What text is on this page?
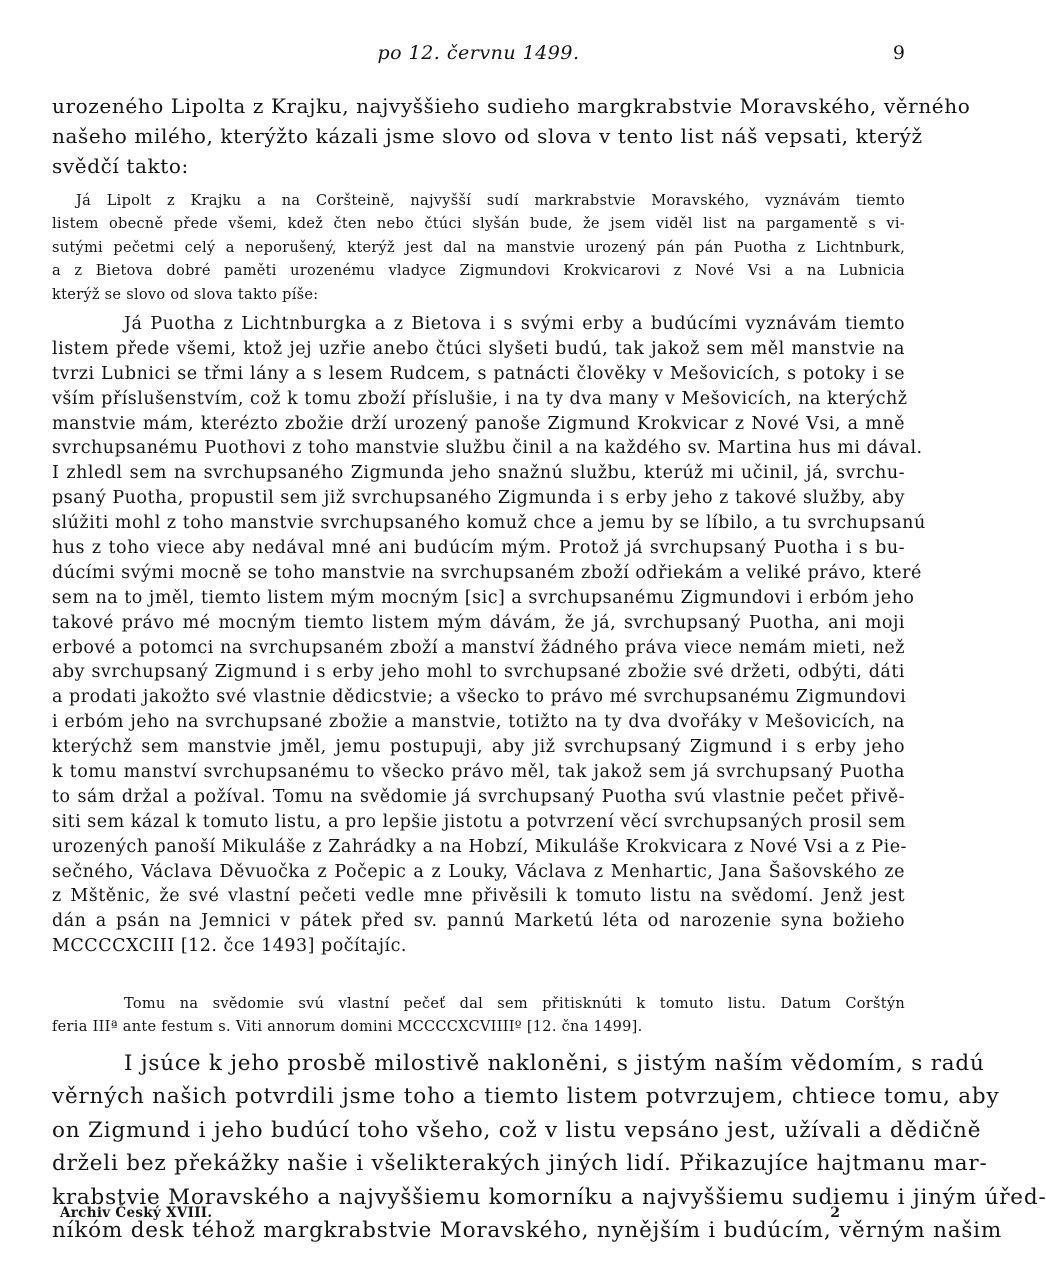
po 12. červnu 1499.	9
urozeného Lipolta z Krajku, najvyššieho sudieho margkrabstvie Moravského, věrného
našeho milého, kterýžto kázali jsme slovo od slova v tento list náš vepsati, kterýž
svědčí takto:
Já Lipolt z Krajku a na Coršteině, najvyšší sudí markrabstvie Moravského, vyznávám tiemto
listem obecně přede všemi, kdež čten nebo čtúci slyšán bude, že jsem viděl list na pargamentě s vi-
sutými pečetmi celý a neporušený, kterýž jest dal na manstvie urozený pán pán Puotha z Lichtnburk,
a z Bietova dobré paměti urozenému vladyce Zigmundovi Krokvicarovi z Nové Vsi a na Lubnicia
kterýž se slovo od slova takto píše:
Já Puotha z Lichtnburgka a z Bietova i s svými erby a budúcími vyznávám tiemto
listem přede všemi, ktož jej uzřie anebo čtúci slyšeti budú, tak jakož sem měl manstvie na
tvrzi Lubnici se třmi lány a s lesem Rudcem, s patnácti člověky v Mešovicích, s potoky i se
vším příslušenstvím, což k tomu zboží příslušie, i na ty dva many v Mešovicích, na kterýchž
manstvie mám, kterézto zbožie drží urozený panoše Zigmund Krokvicar z Nové Vsi, a mně
svrchupsanému Puothovi z toho manstvie službu činil a na každého sv. Martina hus mi dával.
I zhledl sem na svrchupsaného Zigmunda jeho snažnú službu, kterúž mi učinil, já, svrchu-
psaný Puotha, propustil sem již svrchupsaného Zigmunda i s erby jeho z takové služby, aby
slúžiti mohl z toho manstvie svrchupsaného komuž chce a jemu by se líbilo, a tu svrchupsanú
hus z toho viece aby nedával mné ani budúcím mým. Protož já svrchupsaný Puotha i s bu-
dúcími svými mocně se toho manstvie na svrchupsaném zboží odřiekám a veliké právo, které
sem na to jměl, tiemto listem mým mocným [sic] a svrchupsanému Zigmundovi i erbóm jeho
takové právo mé mocným tiemto listem mým dávám, že já, svrchupsaný Puotha, ani moji
erbové a potomci na svrchupsaném zboží a manství žádného práva viece nemám mieti, než
aby svrchupsaný Zigmund i s erby jeho mohl to svrchupsané zbožie své držeti, odbýti, dáti
a prodati jakožto své vlastnie dědicstvie; a všecko to právo mé svrchupsanému Zigmundovi
i erbóm jeho na svrchupsané zbožie a manstvie, totižto na ty dva dvořáky v Mešovicích, na
kterýchž sem manstvie jměl, jemu postupuji, aby již svrchupsaný Zigmund i s erby jeho
k tomu manství svrchupsanému to všecko právo měl, tak jakož sem já svrchupsaný Puotha
to sám držal a požíval. Tomu na svědomie já svrchupsaný Puotha svú vlastnie pečet přivě-
siti sem kázal k tomuto listu, a pro lepšie jistotu a potvrzení věcí svrchupsaných prosil sem
urozených panoší Mikuláše z Zahrádky a na Hobzí, Mikuláše Krokvicara z Nové Vsi a z Pie-
sečného, Václava Děvuočka z Počepic a z Louky, Václava z Menhartic, Jana Šašovského ze
z Mštěnic, že své vlastní pečeti vedle mne přivěsili k tomuto listu na svědomí. Jenž jest
dán a psán na Jemnici v pátek před sv. pannú Marketú léta od narozenie syna božieho
MCCCCXCIII [12. čce 1493] počítajíc.
Tomu na svědomie svú vlastní pečeť dal sem přitisknúti k tomuto listu. Datum Corštýn
feria IIIª ante festum s. Viti annorum domini MCCCCXCVIIIIº [12. čna 1499].
I jsúce k jeho prosbě milostivě nakloněni, s jistým naším vědomím, s radú
věrných našich potvrdili jsme toho a tiemto listem potvrzujem, chtiece tomu, aby
on Zigmund i jeho budúcí toho všeho, což v listu vepsáno jest, užívali a dědičně
drželi bez překážky našie i všelikterakých jiných lidí. Přikazujíce hajtmanu mar-
krabstvie Moravského a najvyššiemu komorníku a najvyššiemu sudiemu i jiným úřed-
níkóm desk téhož margkrabstvie Moravského, nynějším i budúcím, věrným našim
Archiv Český XVIII.	2
